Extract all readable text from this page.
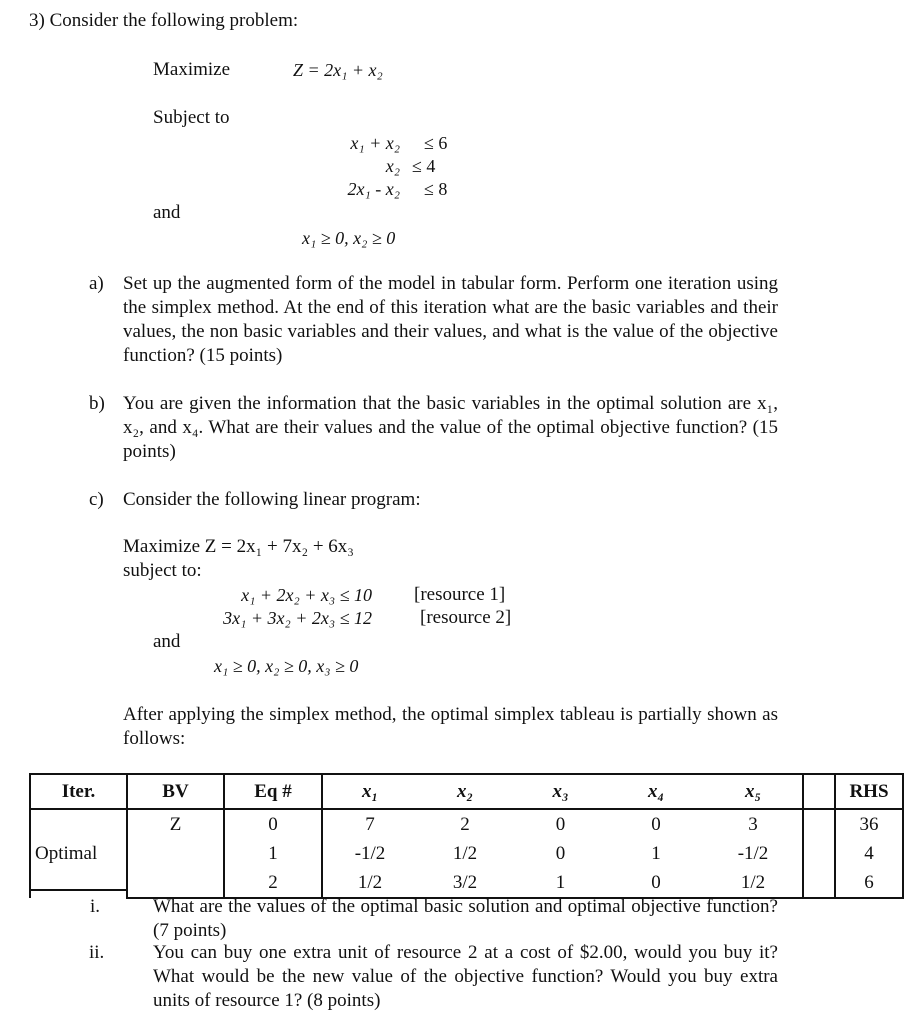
3) Consider the following problem:
Maximize	Z = 2x₁ + x₂
Subject to
x₁ + x₂ ≤ 6
x₂ ≤ 4
2x₁ - x₂ ≤ 8
and
x₁ ≥ 0, x₂ ≥ 0
a) Set up the augmented form of the model in tabular form. Perform one iteration using the simplex method. At the end of this iteration what are the basic variables and their values, the non basic variables and their values, and what is the value of the objective function? (15 points)
b) You are given the information that the basic variables in the optimal solution are x₁, x₂, and x₄. What are their values and the value of the optimal objective function? (15 points)
c) Consider the following linear program:
Maximize Z = 2x₁ + 7x₂ + 6x₃
subject to:
x₁ + 2x₂ + x₃ ≤ 10 [resource 1]
3x₁ + 3x₂ + 2x₃ ≤ 12	[resource 2]
and
x₁ ≥ 0, x₂ ≥ 0, x₃ ≥ 0
After applying the simplex method, the optimal simplex tableau is partially shown as follows:
Iter.	BV	Eq #	x₁	x₂	x₃	x₄	x₅		RHS
Optimal	Z	0	7	2	0	0	3		36
		1	-1/2	1/2	0	1	-1/2		4
		2	1/2	3/2	1	0	1/2		6
i.	What are the values of the optimal basic solution and optimal objective function? (7 points)
ii.	You can buy one extra unit of resource 2 at a cost of $2.00, would you buy it? What would be the new value of the objective function? Would you buy extra units of resource 1? (8 points)
